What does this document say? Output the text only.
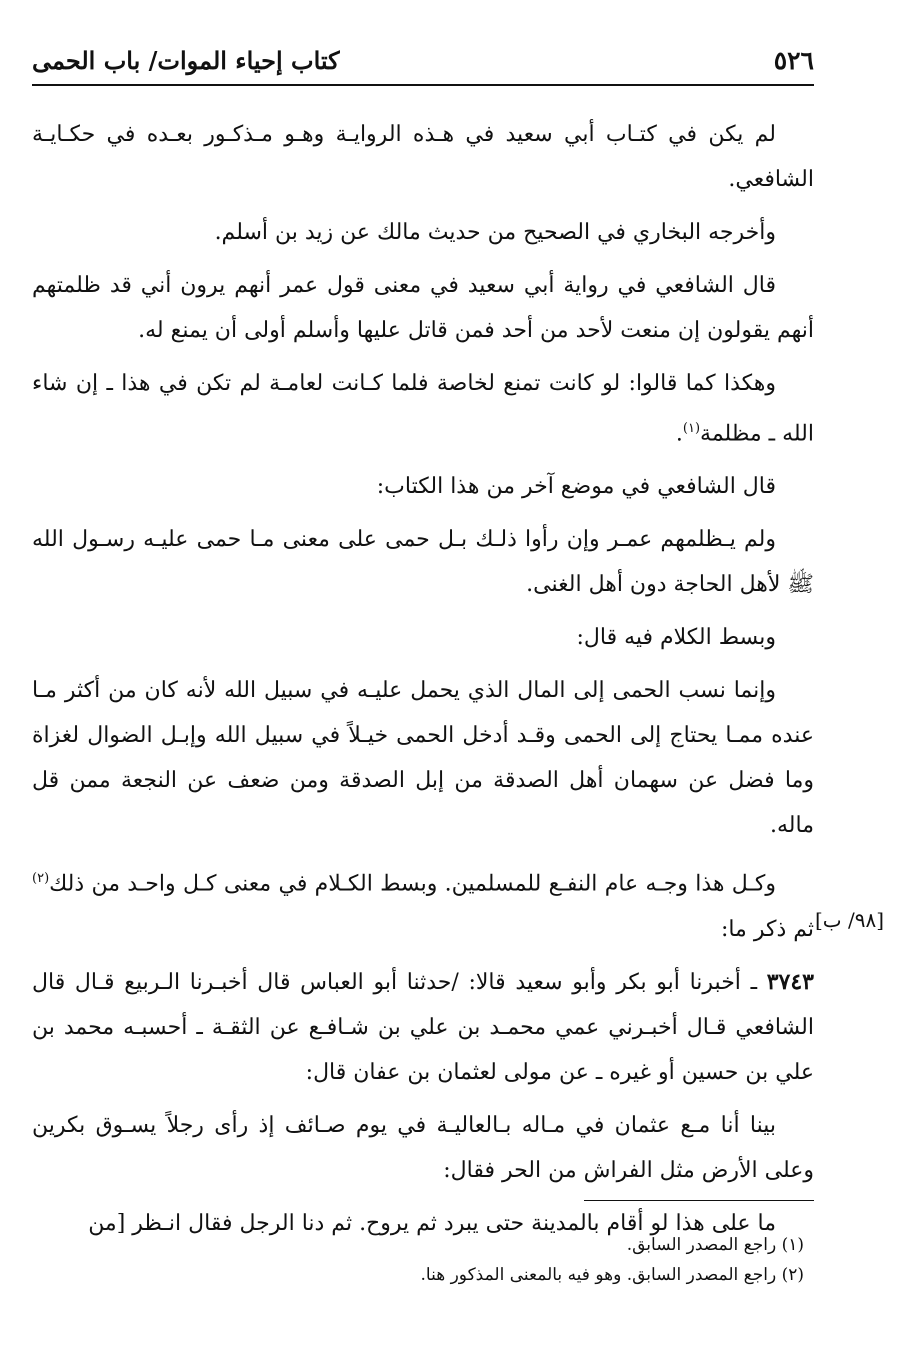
٥٢٦
كتاب إحياء الموات/ باب الحمى
[٩٨/ ب]

لم يكن في كتـاب أبي سعيد في هـذه الروايـة وهـو مـذكـور بعـده في حكـايـة الشافعي.

وأخرجه البخاري في الصحيح من حديث مالك عن زيد بن أسلم.

قال الشافعي في رواية أبي سعيد في معنى قول عمر أنهم يرون أني قد ظلمتهم أنهم يقولون إن منعت لأحد من أحد فمن قاتل عليها وأسلم أولى أن يمنع له.

وهكذا كما قالوا: لو كانت تمنع لخاصة فلما كـانت لعامـة لم تكن في هذا ـ إن شاء الله ـ مظلمة$^{(١)}$.

قال الشافعي في موضع آخر من هذا الكتاب:

ولم يـظلمهم عمـر وإن رأوا ذلـك بـل حمى على معنى مـا حمى عليـه رسـول الله ﷺ لأهل الحاجة دون أهل الغنى.

وبسط الكلام فيه قال:

وإنما نسب الحمى إلى المال الذي يحمل عليـه في سبيل الله لأنه كان من أكثر مـا عنده ممـا يحتاج إلى الحمى وقـد أدخل الحمى خيـلاً في سبيل الله وإبـل الضوال لغزاة وما فضل عن سهمان أهل الصدقة من إبل الصدقة ومن ضعف عن النجعة ممن قل ماله.

وكـل هذا وجـه عام النفـع للمسلمين. وبسط الكـلام في معنى كـل واحـد من ذلك$^{(٢)}$ ثم ذكر ما:

٣٧٤٣ ـ أخبرنا أبو بكر وأبو سعيد قالا: /حدثنا أبو العباس قال أخبـرنا الـربيع قـال قال الشافعي قـال أخبـرني عمي محمـد بن علي بن شـافـع عن الثقـة ـ أحسبـه محمد بن علي بن حسين أو غيره ـ عن مولى لعثمان بن عفان قال:

بينا أنا مـع عثمان في مـاله بـالعاليـة في يوم صـائف إذ رأى رجلاً يسـوق بكرين وعلى الأرض مثل الفراش من الحر فقال:

ما على هذا لو أقام بالمدينة حتى يبرد ثم يروح. ثم دنا الرجل فقال انـظر [من

(١) راجع المصدر السابق.

(٢) راجع المصدر السابق. وهو فيه بالمعنى المذكور هنا.
